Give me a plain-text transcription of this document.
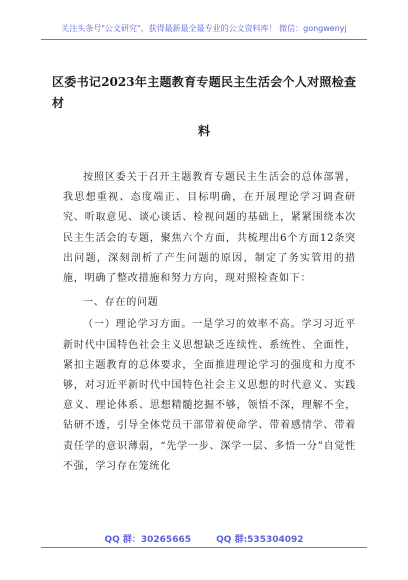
关注头条号"公文研究"，获得最新最全最专业的公文资料库！ 微信：gongwenyj
区委书记2023年主题教育专题民主生活会个人对照检查材
料

按照区委关于召开主题教育专题民主生活会的总体部署，我思想重视、态度端正、目标明确，在开展理论学习调查研究、听取意见、谈心谈话、检视问题的基础上，紧紧围绕本次民主生活会的专题，聚焦六个方面，共梳理出6个方面12条突出问题，深刻剖析了产生问题的原因，制定了务实管用的措施，明确了整改措施和努力方向，现对照检查如下：

一、存在的问题

（一）理论学习方面。一是学习的效率不高。学习习近平新时代中国特色社会主义思想缺乏连续性、系统性、全面性，紧扣主题教育的总体要求，全面推进理论学习的强度和力度不够，对习近平新时代中国特色社会主义思想的时代意义、实践意义、理论体系、思想精髓挖掘不够，领悟不深，理解不全，钻研不透，引导全体党员干部带着使命学、带着感情学、带着责任学的意识薄弱，“先学一步、深学一层、多悟一分”自觉性不强，学习存在笼统化

QQ 群：30265665	QQ 群:535304092
